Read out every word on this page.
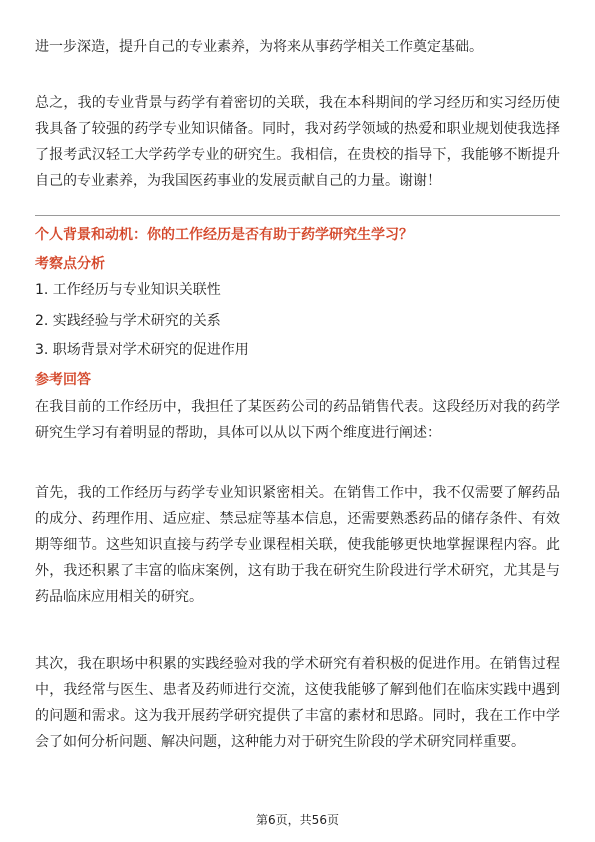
进一步深造，提升自己的专业素养，为将来从事药学相关工作奠定基础。

总之，我的专业背景与药学有着密切的关联，我在本科期间的学习经历和实习经历使我具备了较强的药学专业知识储备。同时，我对药学领域的热爱和职业规划使我选择了报考武汉轻工大学药学专业的研究生。我相信，在贵校的指导下，我能够不断提升自己的专业素养，为我国医药事业的发展贡献自己的力量。谢谢！

个人背景和动机：你的工作经历是否有助于药学研究生学习？
考察点分析
1. 工作经历与专业知识关联性
2. 实践经验与学术研究的关系
3. 职场背景对学术研究的促进作用
参考回答

在我目前的工作经历中，我担任了某医药公司的药品销售代表。这段经历对我的药学研究生学习有着明显的帮助，具体可以从以下两个维度进行阐述：

首先，我的工作经历与药学专业知识紧密相关。在销售工作中，我不仅需要了解药品的成分、药理作用、适应症、禁忌症等基本信息，还需要熟悉药品的储存条件、有效期等细节。这些知识直接与药学专业课程相关联，使我能够更快地掌握课程内容。此外，我还积累了丰富的临床案例，这有助于我在研究生阶段进行学术研究，尤其是与药品临床应用相关的研究。

其次，我在职场中积累的实践经验对我的学术研究有着积极的促进作用。在销售过程中，我经常与医生、患者及药师进行交流，这使我能够了解到他们在临床实践中遇到的问题和需求。这为我开展药学研究提供了丰富的素材和思路。同时，我在工作中学会了如何分析问题、解决问题，这种能力对于研究生阶段的学术研究同样重要。

第6页，共56页
